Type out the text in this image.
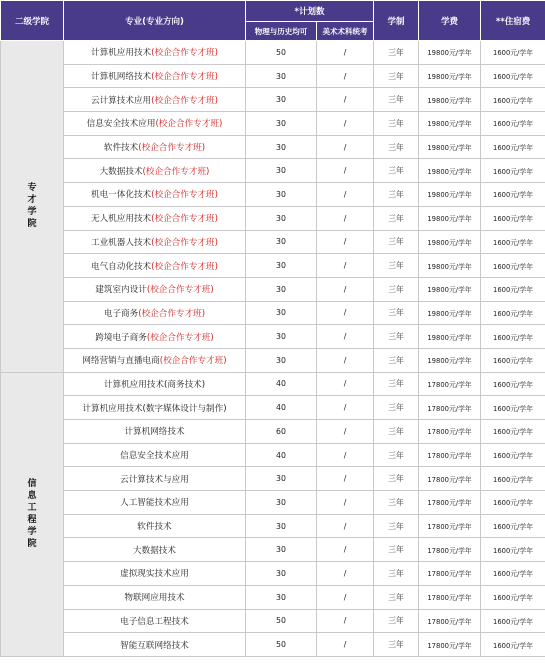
二级学院	专业(专业方向)	*计划数		学制	学费	**住宿费
		物理与历史均可	美术术科统考			
专才学院	计算机应用技术(校企合作专才班)	50	/	三年	19800元/学年	1600元/学年
	计算机网络技术(校企合作专才班)	30	/	三年	19800元/学年	1600元/学年
	云计算技术应用(校企合作专才班)	30	/	三年	19800元/学年	1600元/学年
	信息安全技术应用(校企合作专才班)	30	/	三年	19800元/学年	1600元/学年
	软件技术(校企合作专才班)	30	/	三年	19800元/学年	1600元/学年
	大数据技术(校企合作专才班)	30	/	三年	19800元/学年	1600元/学年
	机电一体化技术(校企合作专才班)	30	/	三年	19800元/学年	1600元/学年
	无人机应用技术(校企合作专才班)	30	/	三年	19800元/学年	1600元/学年
	工业机器人技术(校企合作专才班)	30	/	三年	19800元/学年	1600元/学年
	电气自动化技术(校企合作专才班)	30	/	三年	19800元/学年	1600元/学年
	建筑室内设计(校企合作专才班)	30	/	三年	19800元/学年	1600元/学年
	电子商务(校企合作专才班)	30	/	三年	19800元/学年	1600元/学年
	跨境电子商务(校企合作专才班)	30	/	三年	19800元/学年	1600元/学年
	网络营销与直播电商(校企合作专才班)	30	/	三年	19800元/学年	1600元/学年
信息工程学院	计算机应用技术(商务技术)	40	/	三年	17800元/学年	1600元/学年
	计算机应用技术(数字媒体设计与制作)	40	/	三年	17800元/学年	1600元/学年
	计算机网络技术	60	/	三年	17800元/学年	1600元/学年
	信息安全技术应用	40	/	三年	17800元/学年	1600元/学年
	云计算技术与应用	30	/	三年	17800元/学年	1600元/学年
	人工智能技术应用	30	/	三年	17800元/学年	1600元/学年
	软件技术	30	/	三年	17800元/学年	1600元/学年
	大数据技术	30	/	三年	17800元/学年	1600元/学年
	虚拟现实技术应用	30	/	三年	17800元/学年	1600元/学年
	物联网应用技术	30	/	三年	17800元/学年	1600元/学年
	电子信息工程技术	50	/	三年	17800元/学年	1600元/学年
	智能互联网络技术	50	/	三年	17800元/学年	1600元/学年
